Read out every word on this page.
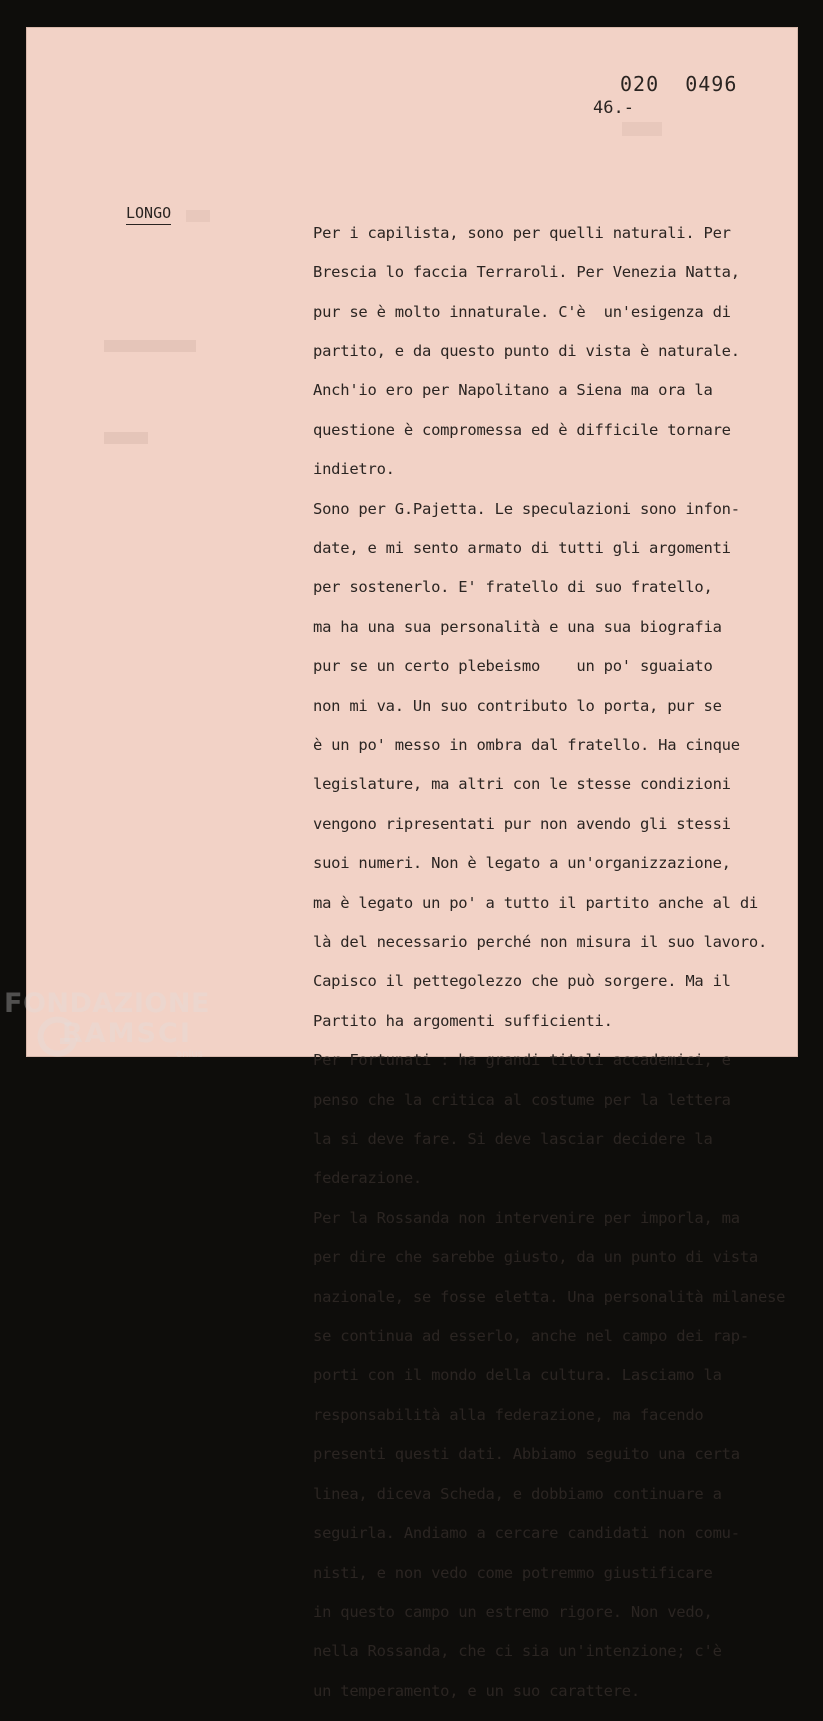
020  0496
46.-
LONGO

Per i capilista, sono per quelli naturali. Per

Brescia lo faccia Terraroli. Per Venezia Natta,

pur se è molto innaturale. C'è  un'esigenza di

partito, e da questo punto di vista è naturale.

Anch'io ero per Napolitano a Siena ma ora la

questione è compromessa ed è difficile tornare

indietro.

Sono per G.Pajetta. Le speculazioni sono infon-

date, e mi sento armato di tutti gli argomenti

per sostenerlo. E' fratello di suo fratello,

ma ha una sua personalità e una sua biografia

pur se un certo plebeismo    un po' sguaiato

non mi va. Un suo contributo lo porta, pur se

è un po' messo in ombra dal fratello. Ha cinque

legislature, ma altri con le stesse condizioni

vengono ripresentati pur non avendo gli stessi

suoi numeri. Non è legato a un'organizzazione,

ma è legato un po' a tutto il partito anche al di

là del necessario perché non misura il suo lavoro.

Capisco il pettegolezzo che può sorgere. Ma il

Partito ha argomenti sufficienti.

Per Fortunati : ha grandi titoli accademici, e

penso che la critica al costume per la lettera

la si deve fare. Si deve lasciar decidere la

federazione.

Per la Rossanda non intervenire per imporla, ma

per dire che sarebbe giusto, da un punto di vista

nazionale, se fosse eletta. Una personalità milanese

se continua ad esserlo, anche nel campo dei rap-

porti con il mondo della cultura. Lasciamo la

responsabilità alla federazione, ma facendo

presenti questi dati. Abbiamo seguito una certa

linea, diceva Scheda, e dobbiamo continuare a

seguirla. Andiamo a cercare candidati non comu-

nisti, e non vedo come potremmo giustificare

in questo campo un estremo rigore. Non vedo,

nella Rossanda, che ci sia un'intenzione; c'è

un temperamento, e un suo carattere.

FONDAZIONE
RAMSCI
onlus
